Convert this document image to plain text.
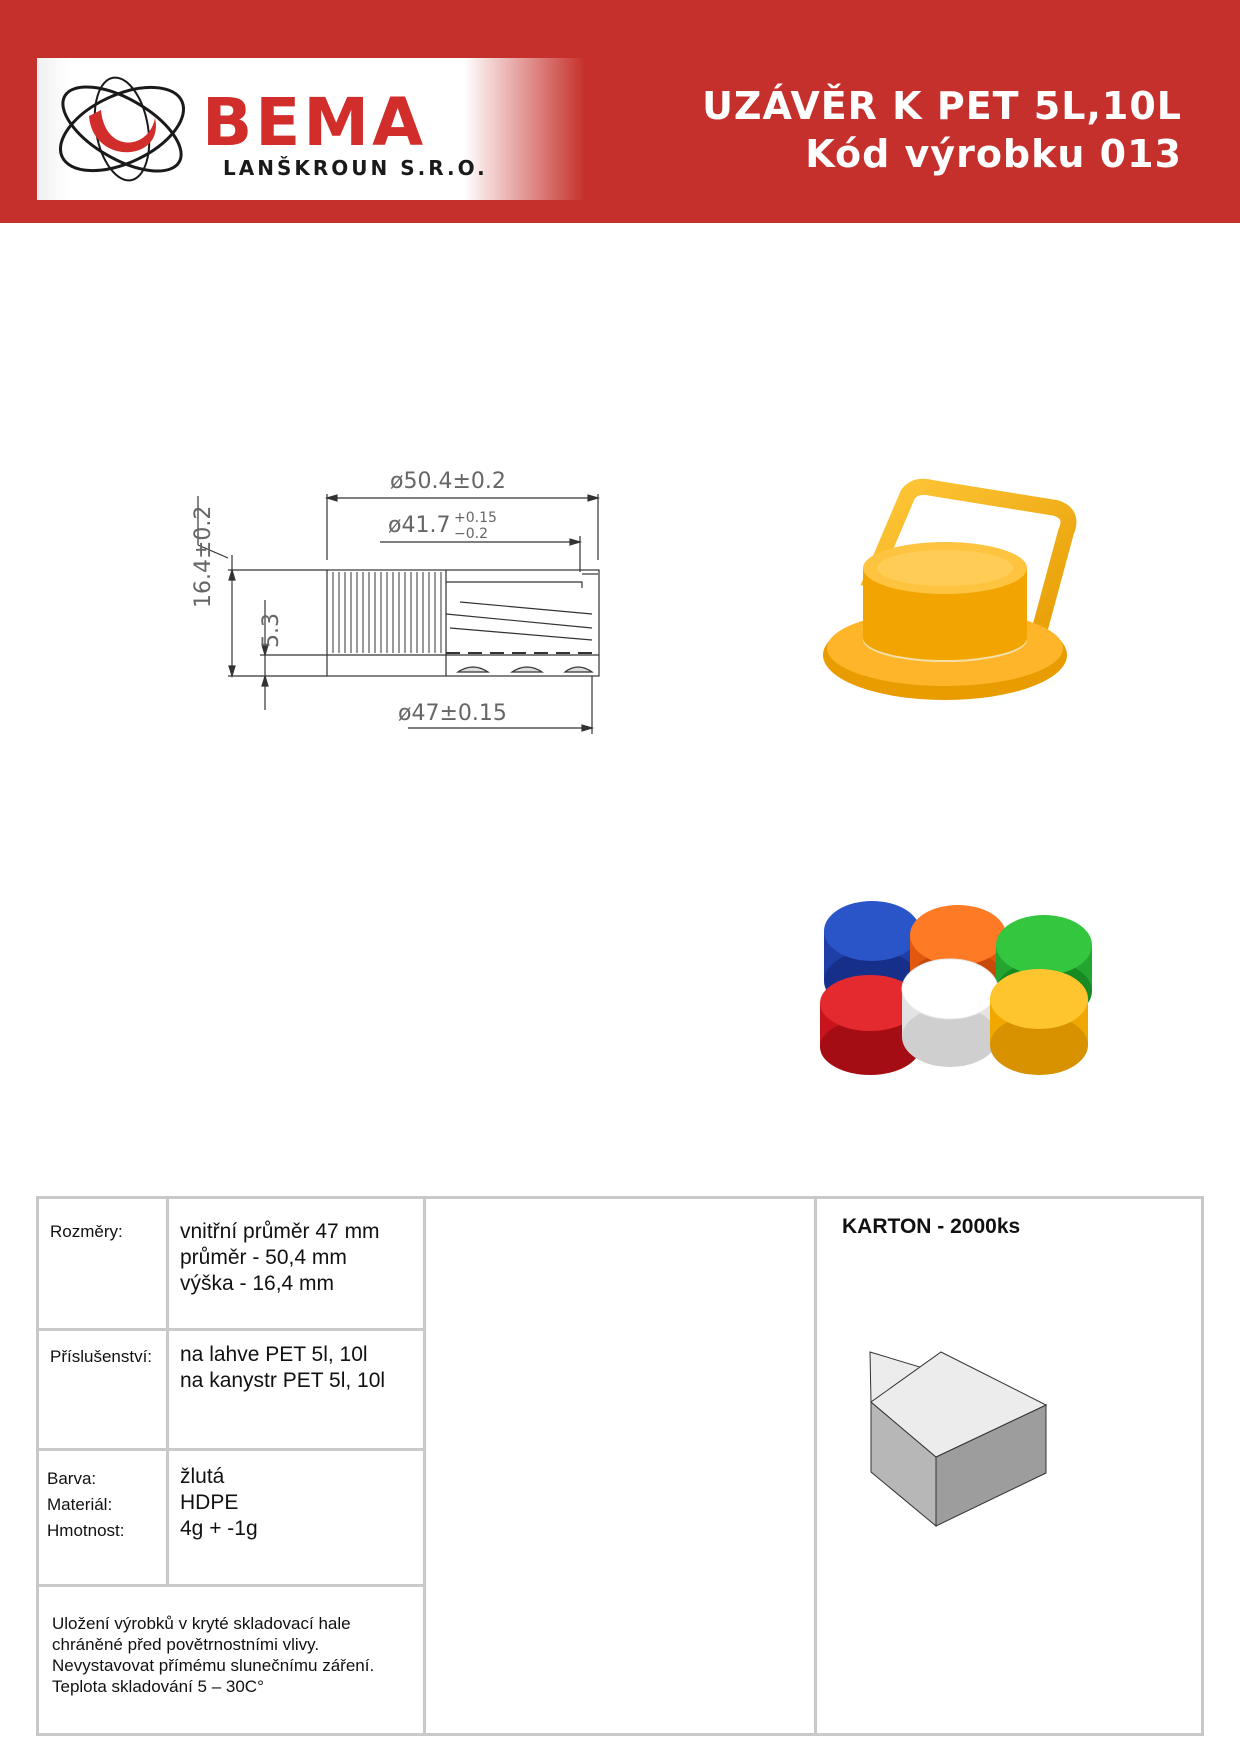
BEMA
LANŠKROUN S.R.O.
UZÁVĚR K PET 5L,10L
Kód výrobku 013
ø50.4±0.2
ø41.7 +0.15
−0.2
ø47±0.15
16.4±0.2
5.3
Rozměry:	vnitřní průměr 47 mm
průměr - 50,4 mm
výška - 16,4 mm
Příslušenství: na lahve PET 5l, 10l
na kanystr PET 5l, 10l
Barva:
Materiál:
Hmotnost:
žlutá
HDPE
4g + -1g
Uložení výrobků v kryté skladovací hale
chráněné před povětrnostními vlivy.
Nevystavovat přímému slunečnímu záření.
Teplota skladování 5 – 30C°
KARTON - 2000ks
